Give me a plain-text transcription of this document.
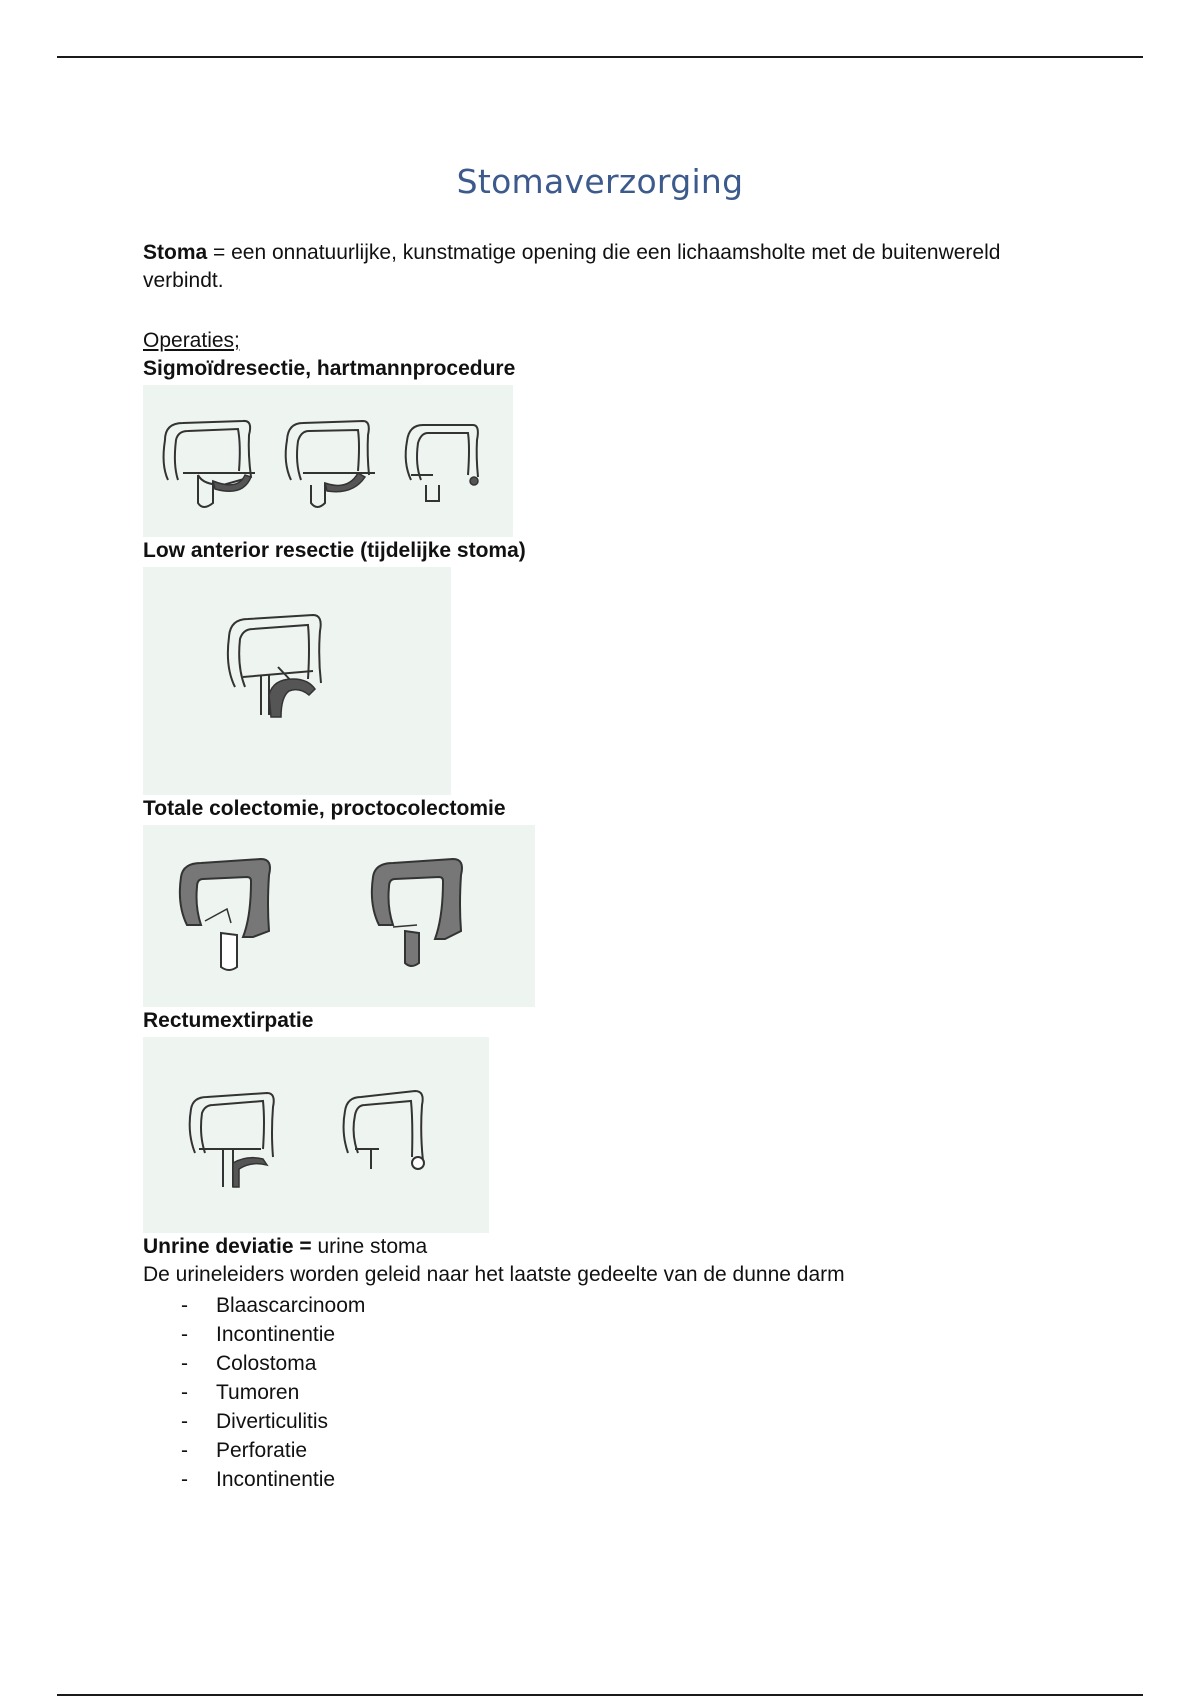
Stomaverzorging

Stoma = een onnatuurlijke, kunstmatige opening die een lichaamsholte met de buitenwereld verbindt.

Operaties;
Sigmoïdresectie, hartmannprocedure
Low anterior resectie (tijdelijke stoma)
Totale colectomie, proctocolectomie
Rectumextirpatie
Unrine deviatie = urine stoma
De urineleiders worden geleid naar het laatste gedeelte van de dunne darm
- Blaascarcinoom
- Incontinentie
- Colostoma
- Tumoren
- Diverticulitis
- Perforatie
- Incontinentie
